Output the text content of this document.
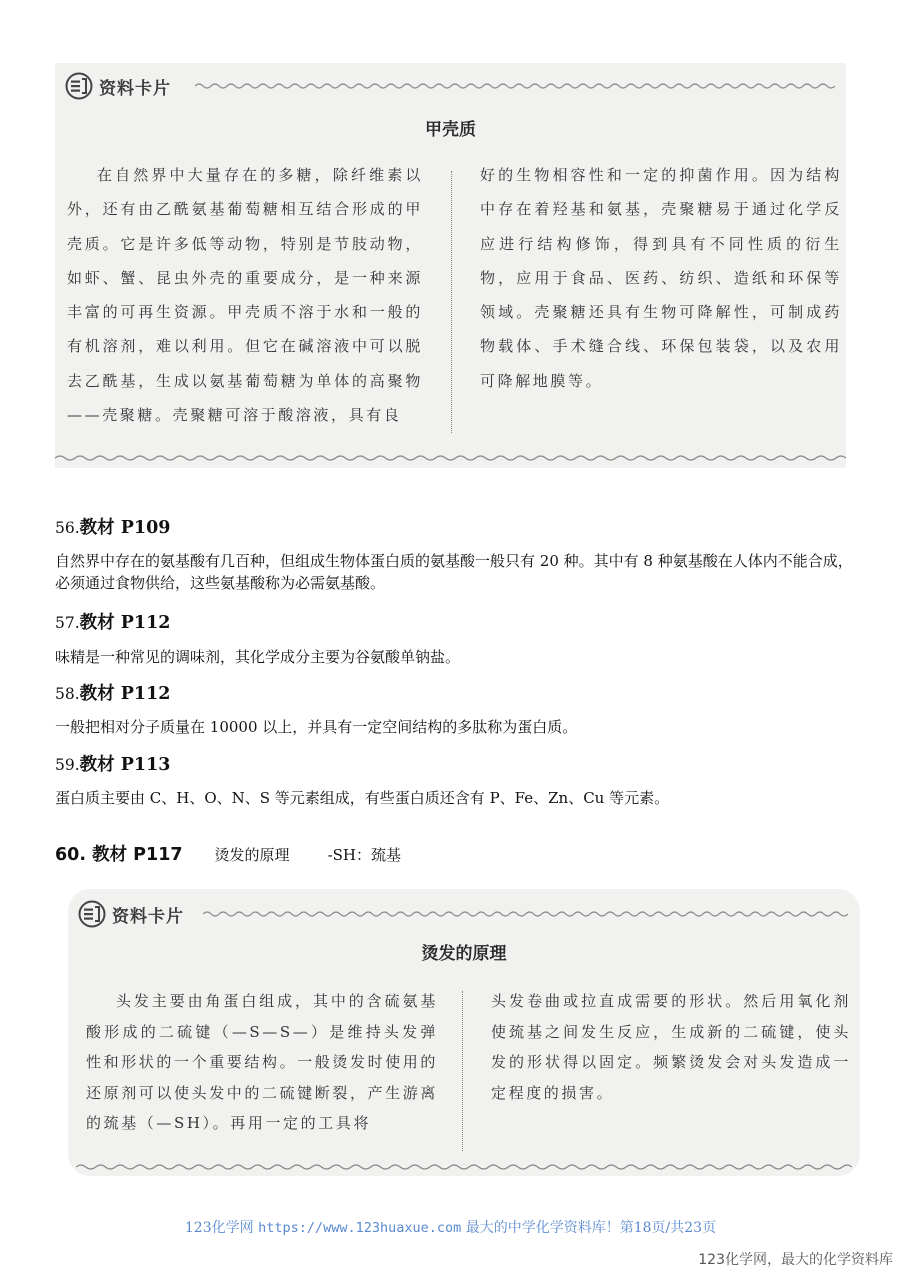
资料卡片
甲壳质
在自然界中大量存在的多糖，除纤维素以外，还有由乙酰氨基葡萄糖相互结合形成的甲壳质。它是许多低等动物，特别是节肢动物，如虾、蟹、昆虫外壳的重要成分，是一种来源丰富的可再生资源。甲壳质不溶于水和一般的有机溶剂，难以利用。但它在碱溶液中可以脱去乙酰基，生成以氨基葡萄糖为单体的高聚物——壳聚糖。壳聚糖可溶于酸溶液，具有良
好的生物相容性和一定的抑菌作用。因为结构中存在着羟基和氨基，壳聚糖易于通过化学反应进行结构修饰，得到具有不同性质的衍生物，应用于食品、医药、纺织、造纸和环保等领域。壳聚糖还具有生物可降解性，可制成药物载体、手术缝合线、环保包装袋，以及农用可降解地膜等。
56.教材 P109
自然界中存在的氨基酸有几百种，但组成生物体蛋白质的氨基酸一般只有 20 种。其中有 8 种氨基酸在人体内不能合成，必须通过食物供给，这些氨基酸称为必需氨基酸。
57.教材 P112
味精是一种常见的调味剂，其化学成分主要为谷氨酸单钠盐。
58.教材 P112
一般把相对分子质量在 10000 以上，并具有一定空间结构的多肽称为蛋白质。
59.教材 P113
蛋白质主要由 C、H、O、N、S 等元素组成，有些蛋白质还含有 P、Fe、Zn、Cu 等元素。
60. 教材 P117 烫发的原理	-SH：巯基
资料卡片
烫发的原理
头发主要由角蛋白组成，其中的含硫氨基酸形成的二硫键（—S—S—）是维持头发弹性和形状的一个重要结构。一般烫发时使用的还原剂可以使头发中的二硫键断裂，产生游离的巯基（—SH）。再用一定的工具将
头发卷曲或拉直成需要的形状。然后用氧化剂使巯基之间发生反应，生成新的二硫键，使头发的形状得以固定。频繁烫发会对头发造成一定程度的损害。
123化学网 https://www.123huaxue.com 最大的中学化学资料库！第18页/共23页
123化学网，最大的化学资料库
